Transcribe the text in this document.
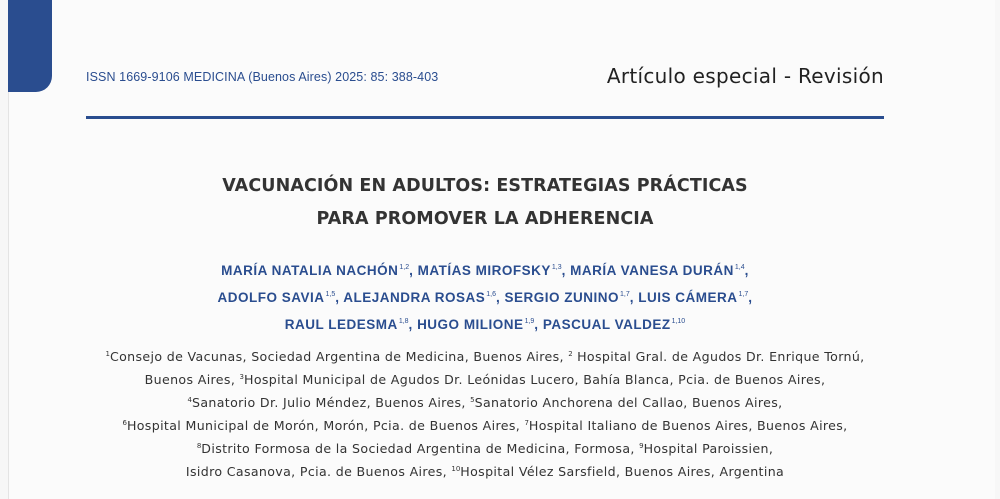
ISSN 1669-9106 MEDICINA (Buenos Aires) 2025: 85: 388-403	Artículo especial - Revisión
VACUNACIÓN EN ADULTOS: ESTRATEGIAS PRÁCTICAS
PARA PROMOVER LA ADHERENCIA
MARÍA NATALIA NACHÓN$^{1,2}$, MATÍAS MIROFSKY$^{1,3}$, MARÍA VANESA DURÁN$^{1,4}$,
ADOLFO SAVIA$^{1,5}$, ALEJANDRA ROSAS$^{1,6}$, SERGIO ZUNINO$^{1,7}$, LUIS CÁMERA$^{1,7}$,
RAUL LEDESMA$^{1,8}$, HUGO MILIONE$^{1,9}$, PASCUAL VALDEZ$^{1,10}$
$^1$Consejo de Vacunas, Sociedad Argentina de Medicina, Buenos Aires, $^2$ Hospital Gral. de Agudos Dr. Enrique Tornú,
Buenos Aires, $^3$Hospital Municipal de Agudos Dr. Leónidas Lucero, Bahía Blanca, Pcia. de Buenos Aires,
$^4$Sanatorio Dr. Julio Méndez, Buenos Aires, $^5$Sanatorio Anchorena del Callao, Buenos Aires,
$^6$Hospital Municipal de Morón, Morón, Pcia. de Buenos Aires, $^7$Hospital Italiano de Buenos Aires, Buenos Aires,
$^8$Distrito Formosa de la Sociedad Argentina de Medicina, Formosa, $^9$Hospital Paroissien,
Isidro Casanova, Pcia. de Buenos Aires, $^{10}$Hospital Vélez Sarsfield, Buenos Aires, Argentina
